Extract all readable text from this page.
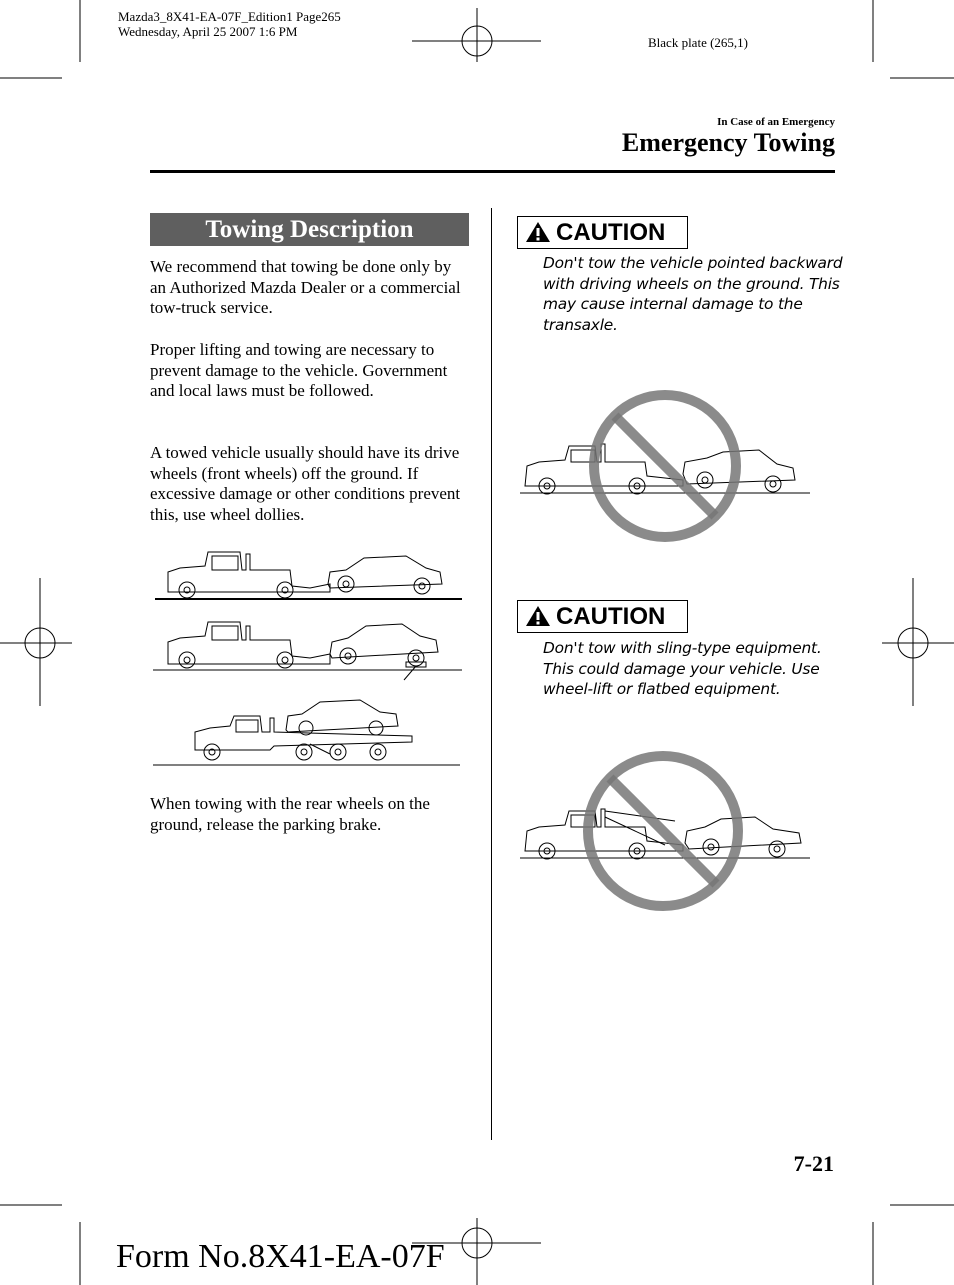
Mazda3_8X41-EA-07F_Edition1 Page265
Wednesday, April 25 2007 1:6 PM
Black plate (265,1)
In Case of an Emergency
Emergency Towing
Towing Description
We recommend that towing be done only by an Authorized Mazda Dealer or a commercial tow-truck service.
Proper lifting and towing are necessary to prevent damage to the vehicle. Government and local laws must be followed.
A towed vehicle usually should have its drive wheels (front wheels) off the ground. If excessive damage or other conditions prevent this, use wheel dollies.
When towing with the rear wheels on the ground, release the parking brake.
CAUTION
Don't tow the vehicle pointed backward with driving wheels on the ground. This may cause internal damage to the transaxle.
CAUTION
Don't tow with sling-type equipment. This could damage your vehicle. Use wheel-lift or flatbed equipment.
7-21
Form No.8X41-EA-07F
